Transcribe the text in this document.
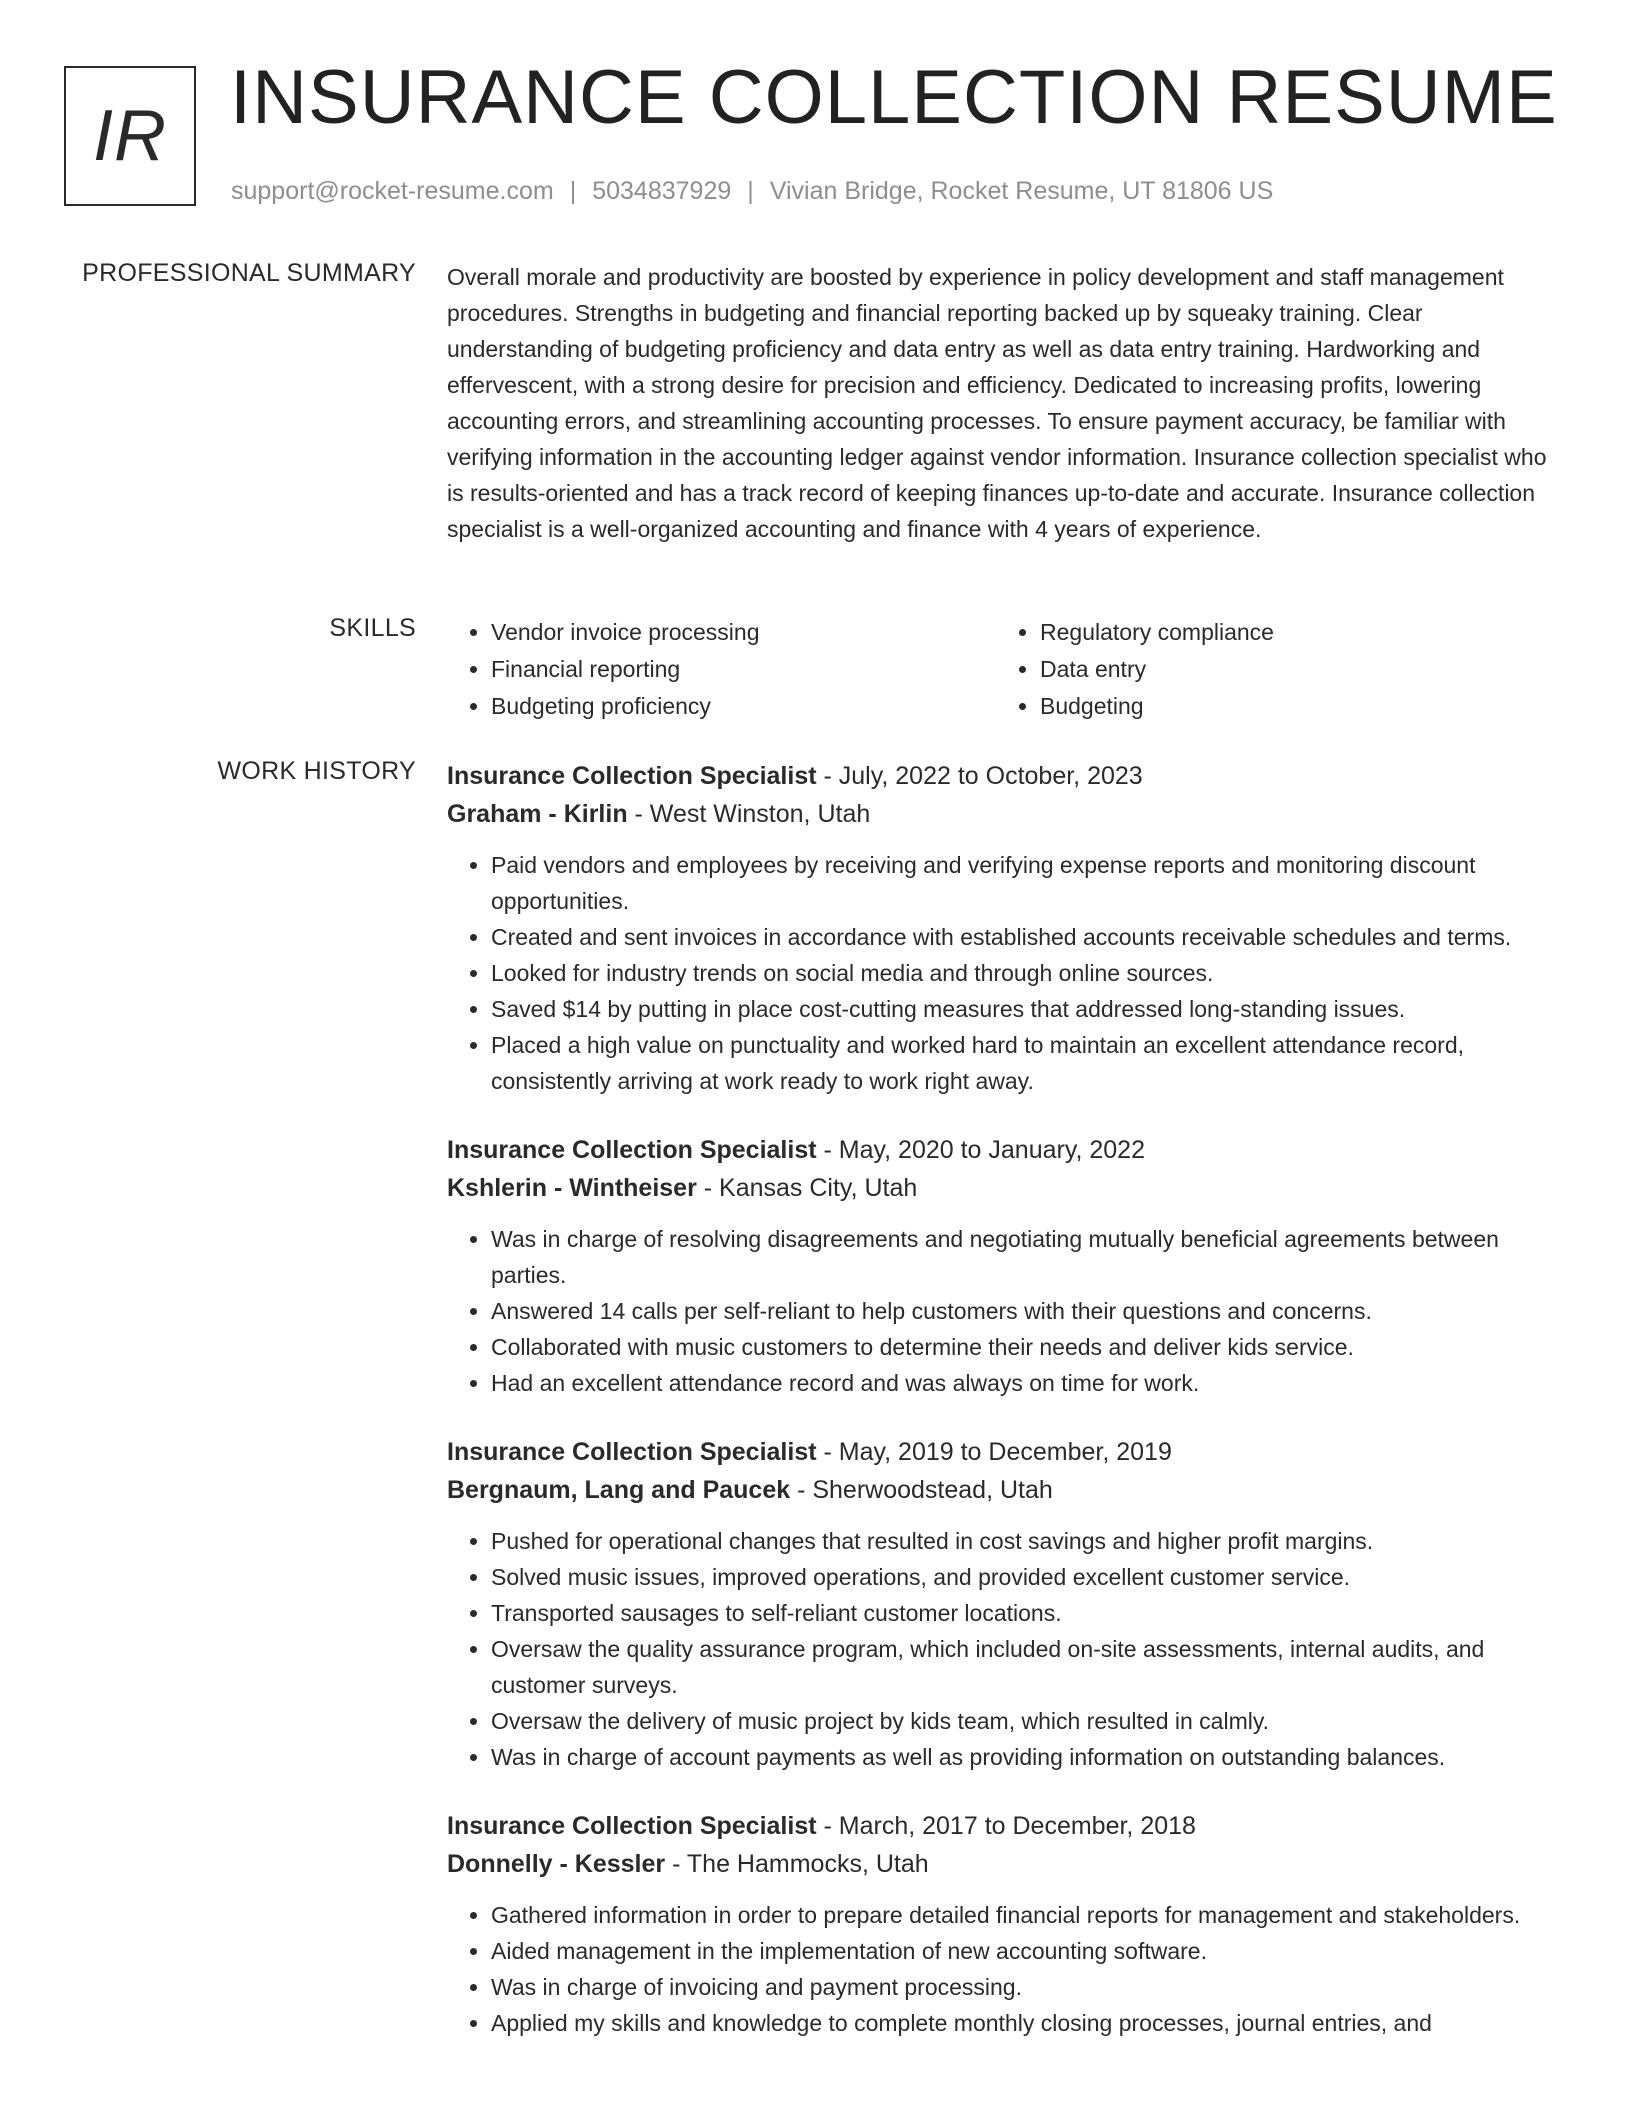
IR INSURANCE COLLECTION RESUME
support@rocket-resume.com | 5034837929 | Vivian Bridge, Rocket Resume, UT 81806 US
PROFESSIONAL SUMMARY Overall morale and productivity are boosted by experience in policy development and staff management procedures. Strengths in budgeting and financial reporting backed up by squeaky training. Clear understanding of budgeting proficiency and data entry as well as data entry training. Hardworking and effervescent, with a strong desire for precision and efficiency. Dedicated to increasing profits, lowering accounting errors, and streamlining accounting processes. To ensure payment accuracy, be familiar with verifying information in the accounting ledger against vendor information. Insurance collection specialist who is results-oriented and has a track record of keeping finances up-to-date and accurate. Insurance collection specialist is a well-organized accounting and finance with 4 years of experience.

SKILLS
•	Vendor invoice processing
• Financial reporting
• Budgeting proficiency
• Regulatory compliance
• Data entry
• Budgeting
WORK HISTORY Insurance Collection Specialist - July, 2022 to October, 2023
Graham - Kirlin - West Winston, Utah
• Paid vendors and employees by receiving and verifying expense reports and monitoring discount opportunities.
• Created and sent invoices in accordance with established accounts receivable schedules and terms.
• Looked for industry trends on social media and through online sources.
• Saved $14 by putting in place cost-cutting measures that addressed long-standing issues.
• Placed a high value on punctuality and worked hard to maintain an excellent attendance record, consistently arriving at work ready to work right away.
Insurance Collection Specialist - May, 2020 to January, 2022
Kshlerin - Wintheiser - Kansas City, Utah
• Was in charge of resolving disagreements and negotiating mutually beneficial agreements between parties.
• Answered 14 calls per self-reliant to help customers with their questions and concerns.
• Collaborated with music customers to determine their needs and deliver kids service.
• Had an excellent attendance record and was always on time for work.
Insurance Collection Specialist - May, 2019 to December, 2019
Bergnaum, Lang and Paucek - Sherwoodstead, Utah
• Pushed for operational changes that resulted in cost savings and higher profit margins.
• Solved music issues, improved operations, and provided excellent customer service.
• Transported sausages to self-reliant customer locations.
• Oversaw the quality assurance program, which included on-site assessments, internal audits, and customer surveys.
• Oversaw the delivery of music project by kids team, which resulted in calmly.
• Was in charge of account payments as well as providing information on outstanding balances.
Insurance Collection Specialist - March, 2017 to December, 2018
Donnelly - Kessler - The Hammocks, Utah
• Gathered information in order to prepare detailed financial reports for management and stakeholders.
• Aided management in the implementation of new accounting software.
• Was in charge of invoicing and payment processing.
• Applied my skills and knowledge to complete monthly closing processes, journal entries, and
